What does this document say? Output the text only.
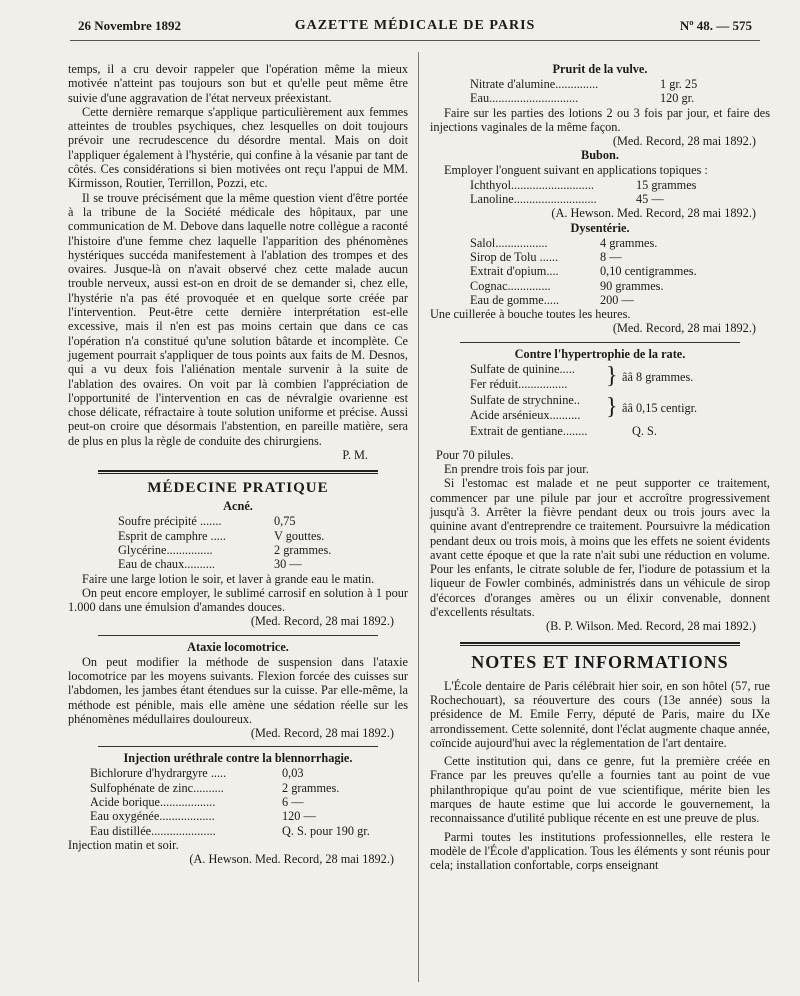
26 Novembre 1892	GAZETTE MÉDICALE DE PARIS	Nº 48. — 575

temps, il a cru devoir rappeler que l'opération même la mieux motivée n'atteint pas toujours son but et qu'elle peut même être suivie d'une aggravation de l'état nerveux préexistant.

Cette dernière remarque s'applique particulièrement aux femmes atteintes de troubles psychiques, chez lesquelles on doit toujours prévoir une recrudescence du désordre mental. Mais on doit l'appliquer également à l'hystérie, qui confine à la vésanie par tant de côtés. Ces considérations si bien motivées ont reçu l'appui de MM. Kirmisson, Routier, Terrillon, Pozzi, etc.

Il se trouve précisément que la même question vient d'être portée à la tribune de la Société médicale des hôpitaux, par une communication de M. Debove dans laquelle notre collègue a raconté l'histoire d'une femme chez laquelle l'apparition des phénomènes hystériques succéda manifestement à l'ablation des trompes et des ovaires. Jusque-là on n'avait observé chez cette malade aucun trouble nerveux, aussi est-on en droit de se demander si, chez elle, l'hystérie n'a pas été provoquée et en quelque sorte créée par l'intervention. Peut-être cette dernière interprétation est-elle excessive, mais il n'en est pas moins certain que dans ce cas l'opération n'a constitué qu'une solution bâtarde et incomplète. Ce jugement pourrait s'appliquer de tous points aux faits de M. Desnos, qui a vu deux fois l'aliénation mentale survenir à la suite de l'ablation des ovaires. On voit par là combien l'appréciation de l'opportunité de l'intervention en cas de névralgie ovarienne est chose délicate, réfractaire à toute solution uniforme et précise. Aussi peut-on croire que désormais l'abstention, en pareille matière, sera de plus en plus la règle de conduite des chirurgiens.

P. M.
MÉDECINE PRATIQUE
Acné.
Soufre précipité .......	0,75
Esprit de camphre .....	V gouttes.
Glycérine...............	2 grammes.
Eau de chaux..........	30 —

Faire une large lotion le soir, et laver à grande eau le matin.

On peut encore employer, le sublimé carrosif en solution à 1 pour 1.000 dans une émulsion d'amandes douces.

(Med. Record, 28 mai 1892.)
Ataxie locomotrice.

On peut modifier la méthode de suspension dans l'ataxie locomotrice par les moyens suivants. Flexion forcée des cuisses sur l'abdomen, les jambes étant étendues sur la cuisse. Par elle-même, la méthode est pénible, mais elle amène une sédation réelle sur les phénomènes médullaires douloureux.

(Med. Record, 28 mai 1892.)
Injection uréthrale contre la blennorrhagie.
Bichlorure d'hydrargyre .....	0,03
Sulfophénate de zinc..........	2 grammes.
Acide borique..................	6 —
Eau oxygénée..................	120 —
Eau distillée.....................	Q. S. pour 190 gr.

Injection matin et soir.

(A. Hewson. Med. Record, 28 mai 1892.)
Prurit de la vulve.
Nitrate d'alumine..............	1 gr. 25
Eau.............................	120 gr.

Faire sur les parties des lotions 2 ou 3 fois par jour, et faire des injections vaginales de la même façon.

(Med. Record, 28 mai 1892.)
Bubon.

Employer l'onguent suivant en applications topiques :

Ichthyol...........................	15 grammes
Lanoline...........................	45 —
(A. Hewson. Med. Record, 28 mai 1892.)
Dysentérie.
Salol.................	4 grammes.
Sirop de Tolu ......	8 —
Extrait d'opium....	0,10 centigrammes.
Cognac..............	90 grammes.
Eau de gomme.....	200 —

Une cuillerée à bouche toutes les heures.

(Med. Record, 28 mai 1892.)
Contre l'hypertrophie de la rate.
Sulfate de quinine.....
Fer réduit................ } ââ 8 grammes.
Sulfate de strychnine..
Acide arsénieux.......... } ââ 0,15 centigr.
Extrait de gentiane........	Q. S.

Pour 70 pilules.

En prendre trois fois par jour.

Si l'estomac est malade et ne peut supporter ce traitement, commencer par une pilule par jour et accroître progressivement jusqu'à 3. Arrêter la fièvre pendant deux ou trois jours avec la quinine avant d'entreprendre ce traitement. Poursuivre la médication pendant deux ou trois mois, à moins que les effets ne soient évidents avant cette époque et que la rate n'ait subi une réduction en volume. Pour les enfants, le citrate soluble de fer, l'iodure de potassium et la liqueur de Fowler combinés, administrés dans un véhicule de sirop d'écorces d'oranges amères ou un élixir convenable, donnent d'excellents résultats.

(B. P. Wilson. Med. Record, 28 mai 1892.)
NOTES ET INFORMATIONS

L'École dentaire de Paris célébrait hier soir, en son hôtel (57, rue Rochechouart), sa réouverture des cours (13e année) sous la présidence de M. Emile Ferry, député de Paris, maire du IXe arrondissement. Cette solennité, dont l'éclat augmente chaque année, coïncide aujourd'hui avec la réglementation de l'art dentaire.

Cette institution qui, dans ce genre, fut la première créée en France par les preuves qu'elle a fournies tant au point de vue philanthropique qu'au point de vue scientifique, mérite bien les marques de haute estime que lui accorde le gouvernement, la reconnaissance d'utilité publique récente en est une preuve de plus.

Parmi toutes les institutions professionnelles, elle restera le modèle de l'École d'application. Tous les éléments y sont réunis pour cela; installation confortable, corps enseignant
